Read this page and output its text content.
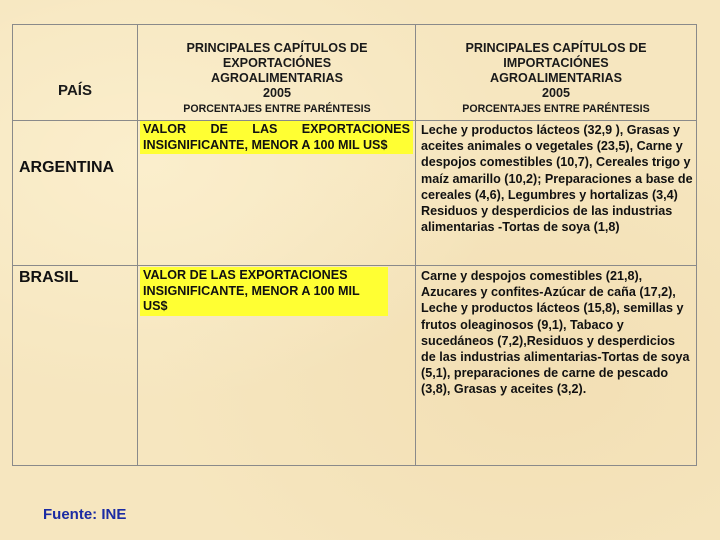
PAÍS
PRINCIPALES CAPÍTULOS DE
EXPORTACIÓNES
AGROALIMENTARIAS
2005
PORCENTAJES ENTRE PARÉNTESIS
PRINCIPALES CAPÍTULOS DE
IMPORTACIÓNES
AGROALIMENTARIAS
2005
PORCENTAJES ENTRE PARÉNTESIS
ARGENTINA
VALOR DE LAS EXPORTACIONES INSIGNIFICANTE, MENOR A 100 MIL US$
Leche y productos lácteos (32,9 ), Grasas y aceites animales o vegetales (23,5), Carne y despojos comestibles (10,7), Cereales trigo y maíz amarillo (10,2); Preparaciones a base de cereales (4,6), Legumbres y hortalizas (3,4) Residuos y desperdicios de las industrias alimentarias -Tortas de soya (1,8)
BRASIL	VALOR DE LAS EXPORTACIONES INSIGNIFICANTE, MENOR A 100 MIL US$
Carne y despojos comestibles (21,8), Azucares y confites-Azúcar de caña (17,2), Leche y productos lácteos (15,8), semillas y frutos oleaginosos (9,1), Tabaco y sucedáneos (7,2),Residuos y desperdicios de las industrias alimentarias-Tortas de soya (5,1), preparaciones de carne de pescado (3,8), Grasas y aceites (3,2).
Fuente: INE
